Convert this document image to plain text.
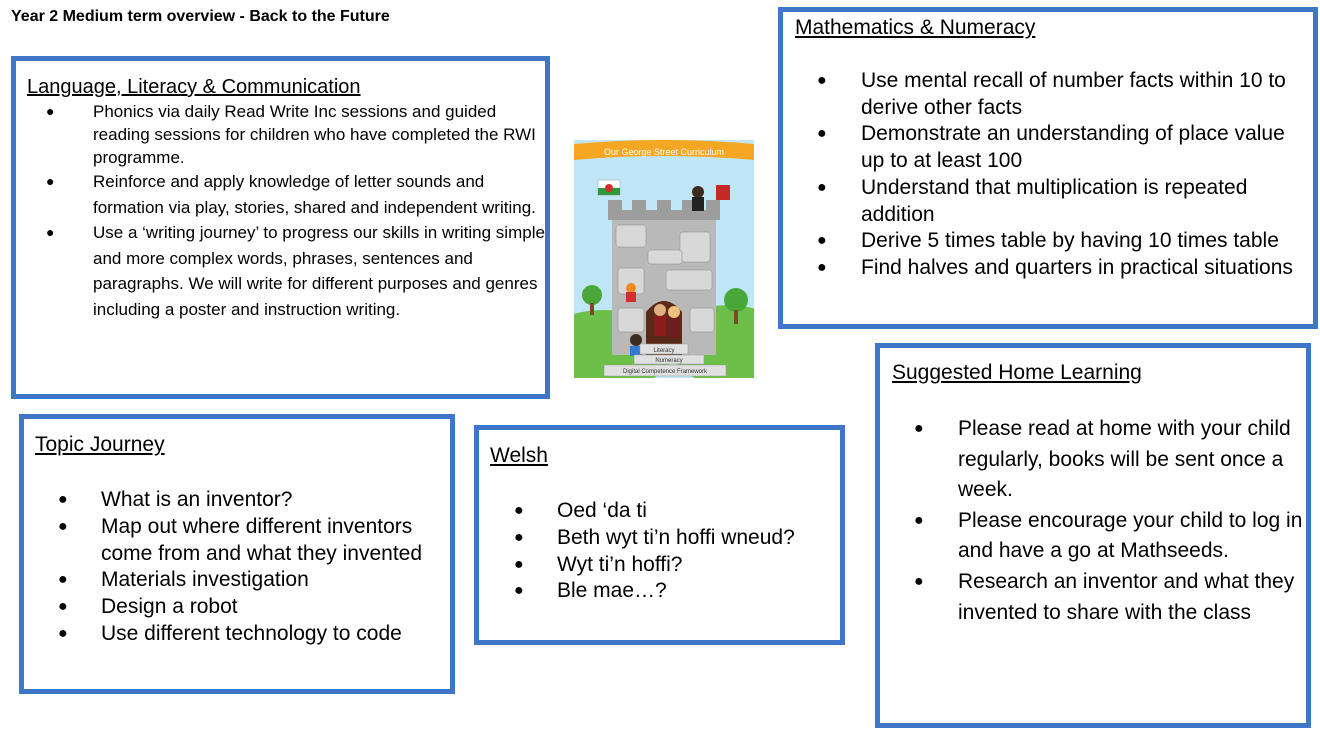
Year 2 Medium term overview - Back to the Future
Language, Literacy & Communication
● Phonics via daily Read Write Inc sessions and guided reading sessions for children who have completed the RWI programme.
● Reinforce and apply knowledge of letter sounds and formation via play, stories, shared and independent writing.
● Use a ‘writing journey’ to progress our skills in writing simple and more complex words, phrases, sentences and paragraphs. We will write for different purposes and genres including a poster and instruction writing.
Our George Street Curriculum
Literacy
Numeracy
Digital Competence Framework
Mathematics & Numeracy
● Use mental recall of number facts within 10 to derive other facts
● Demonstrate an understanding of place value up to at least 100
● Understand that multiplication is repeated addition
● Derive 5 times table by having 10 times table
● Find halves and quarters in practical situations
Topic Journey
● What is an inventor?
● Map out where different inventors come from and what they invented
● Materials investigation
● Design a robot
● Use different technology to code
Welsh
● Oed ‘da ti
● Beth wyt ti’n hoffi wneud?
● Wyt ti’n hoffi?
● Ble mae…?
Suggested Home Learning
● Please read at home with your child regularly, books will be sent once a week.
● Please encourage your child to log in and have a go at Mathseeds.
● Research an inventor and what they invented to share with the class
